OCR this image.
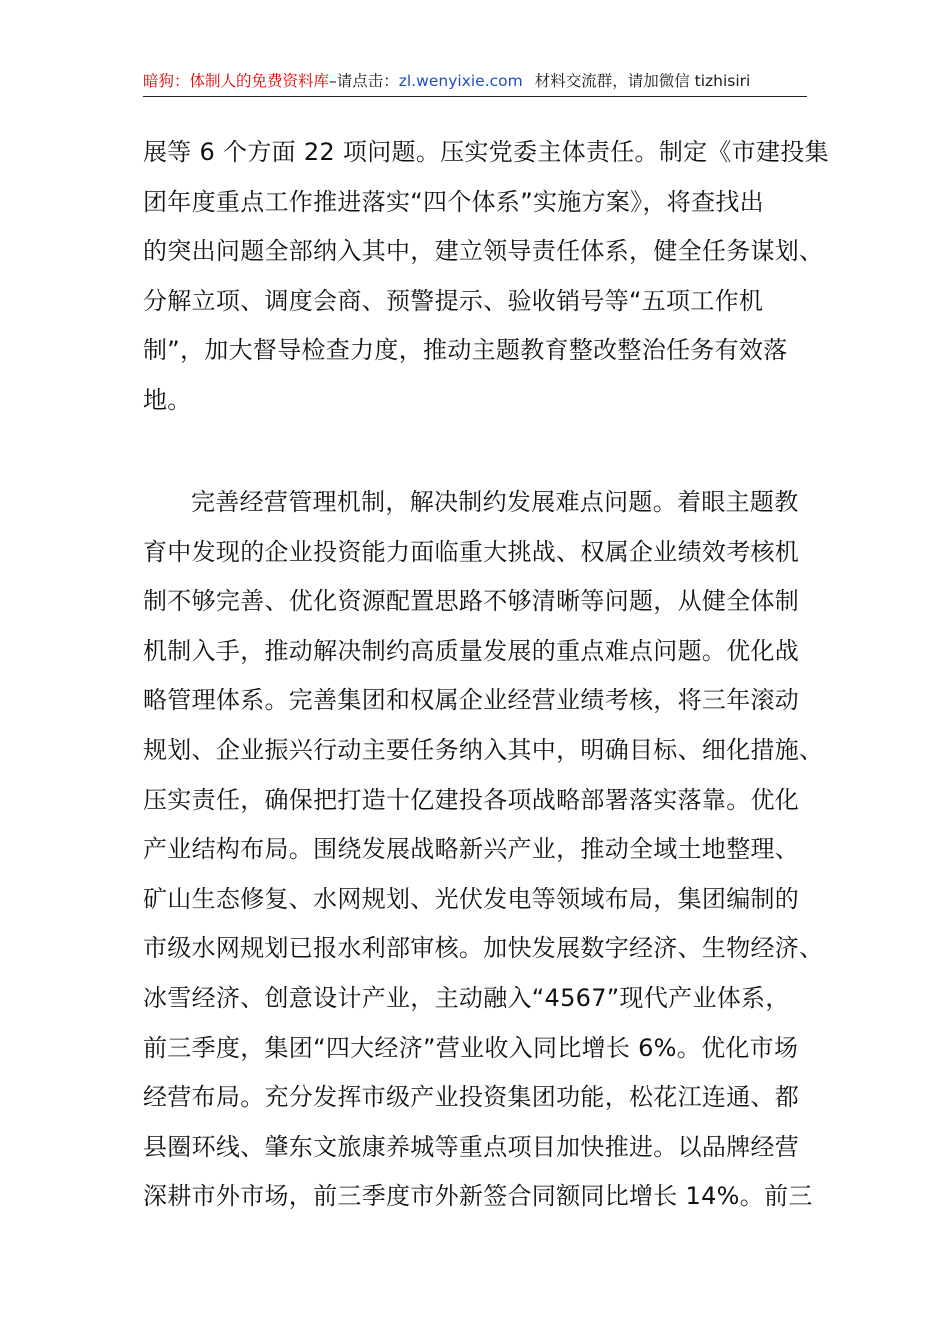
暗狗：体制人的免费资料库–请点击：zl.wenyixie.com 材料交流群，请加微信 tizhisiri

展等 6 个方面 22 项问题。压实党委主体责任。制定《市建投集
团年度重点工作推进落实“四个体系”实施方案》，将查找出
的突出问题全部纳入其中，建立领导责任体系，健全任务谋划、
分解立项、调度会商、预警提示、验收销号等“五项工作机
制”，加大督导检查力度，推动主题教育整改整治任务有效落
地。

完善经营管理机制，解决制约发展难点问题。着眼主题教
育中发现的企业投资能力面临重大挑战、权属企业绩效考核机
制不够完善、优化资源配置思路不够清晰等问题，从健全体制
机制入手，推动解决制约高质量发展的重点难点问题。优化战
略管理体系。完善集团和权属企业经营业绩考核，将三年滚动
规划、企业振兴行动主要任务纳入其中，明确目标、细化措施、
压实责任，确保把打造十亿建投各项战略部署落实落靠。优化
产业结构布局。围绕发展战略新兴产业，推动全域土地整理、
矿山生态修复、水网规划、光伏发电等领域布局，集团编制的
市级水网规划已报水利部审核。加快发展数字经济、生物经济、
冰雪经济、创意设计产业，主动融入“4567”现代产业体系，
前三季度，集团“四大经济”营业收入同比增长 6%。优化市场
经营布局。充分发挥市级产业投资集团功能，松花江连通、都
县圈环线、肇东文旅康养城等重点项目加快推进。以品牌经营
深耕市外市场，前三季度市外新签合同额同比增长 14%。前三
